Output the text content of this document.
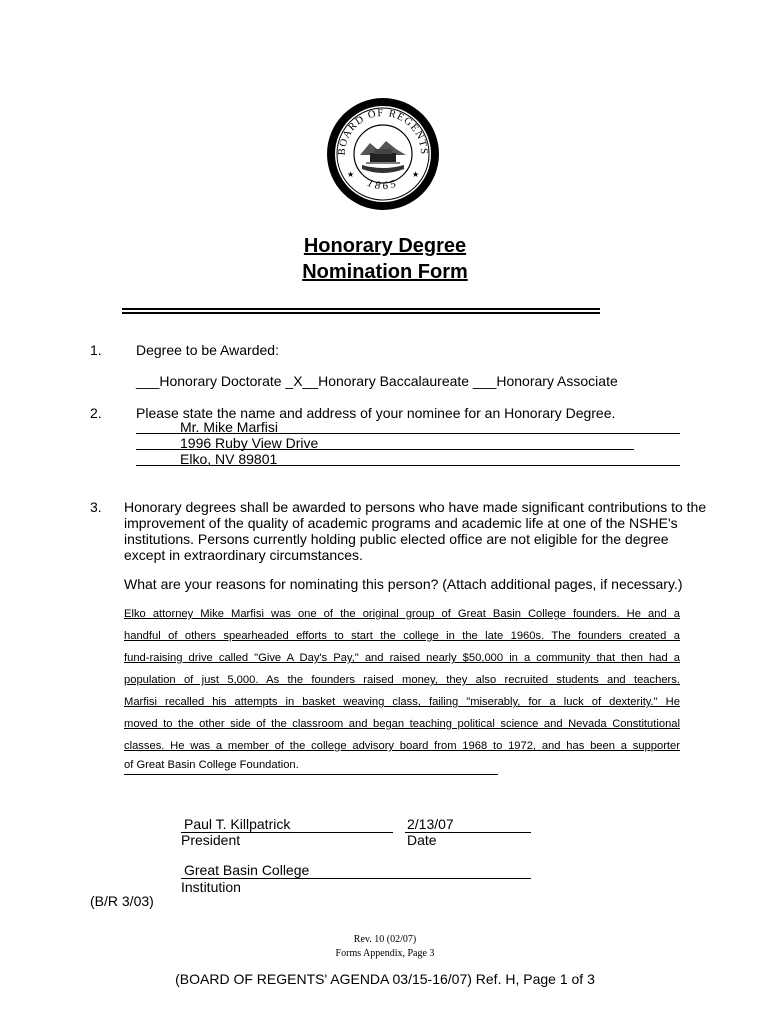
BOARD OF REGENTS
1865
★	★
Honorary Degree
Nomination Form
1. Degree to be Awarded:
___Honorary Doctorate _X__Honorary Baccalaureate ___Honorary Associate
2. Please state the name and address of your nominee for an Honorary Degree.
Mr. Mike Marfisi
1996 Ruby View Drive
Elko, NV 89801
3. Honorary degrees shall be awarded to persons who have made significant contributions to the
improvement of the quality of academic programs and academic life at one of the NSHE's
institutions. Persons currently holding public elected office are not eligible for the degree
except in extraordinary circumstances.
What are your reasons for nominating this person? (Attach additional pages, if necessary.)
Elko attorney Mike Marfisi was one of the original group of Great Basin College founders. He and a
handful of others spearheaded efforts to start the college in the late 1960s. The founders created a
fund-raising drive called "Give A Day's Pay," and raised nearly $50,000 in a community that then had a
population of just 5,000. As the founders raised money, they also recruited students and teachers.
Marfisi recalled his attempts in basket weaving class, failing "miserably, for a luck of dexterity." He
moved to the other side of the classroom and began teaching political science and Nevada Constitutional
classes. He was a member of the college advisory board from 1968 to 1972, and has been a supporter
of Great Basin College Foundation.
Paul T. Killpatrick
President
2/13/07
Date
Great Basin College
Institution
(B/R 3/03)
Rev. 10 (02/07)
Forms Appendix, Page 3
(BOARD OF REGENTS' AGENDA 03/15-16/07) Ref. H, Page 1 of 3
